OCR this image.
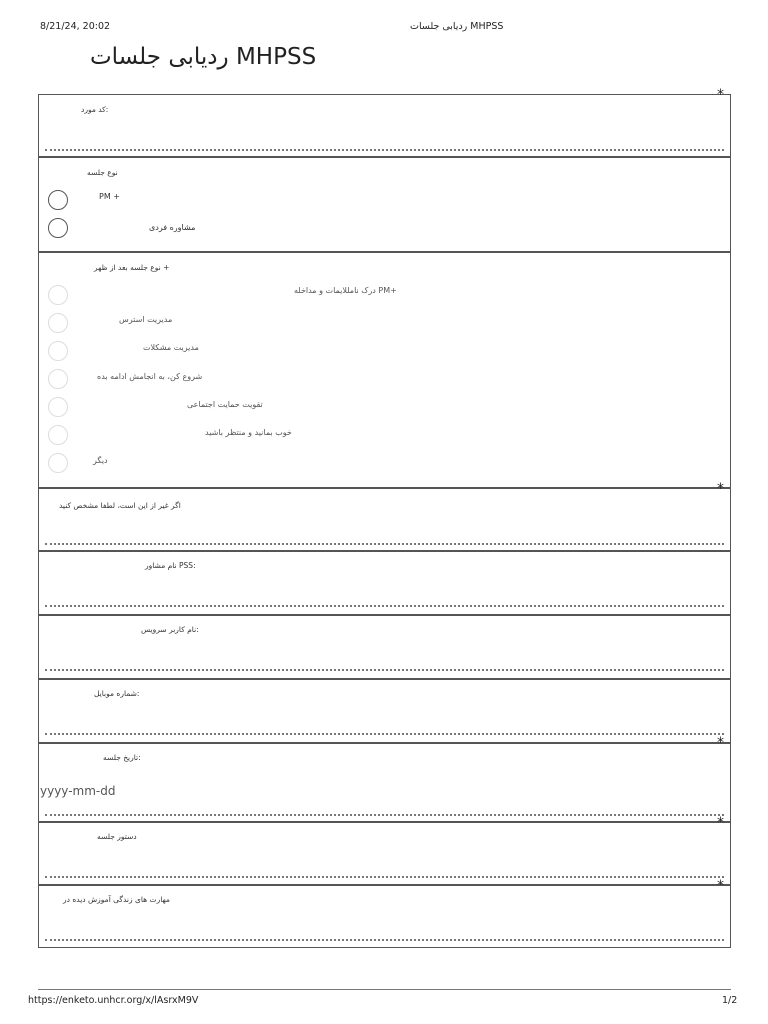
8/21/24, 20:02	ردیابی جلسات MHPSS
ردیابی جلسات MHPSS
*
کد مورد:
نوع جلسه
PM +
مشاوره فردی
نوع جلسه بعد از ظهر +
درک نامللایمات و مداخله PM+
مدیریت استرس
مدیریت مشکلات
شروع کن، به انجامش ادامه بده
تقویت حمایت اجتماعی
خوب بمانید و منتظر باشید
دیگر
*
اگر غیر از این است، لطفا مشخص کنید
نام مشاور PSS:
نام کاربر سرویس:
*
شماره موبایل:
*
تاریخ جلسه:
yyyy-mm-dd
*
دستور جلسه
مهارت های زندگی آموزش دیده در
https://enketo.unhcr.org/x/lAsrxM9V	1/2
